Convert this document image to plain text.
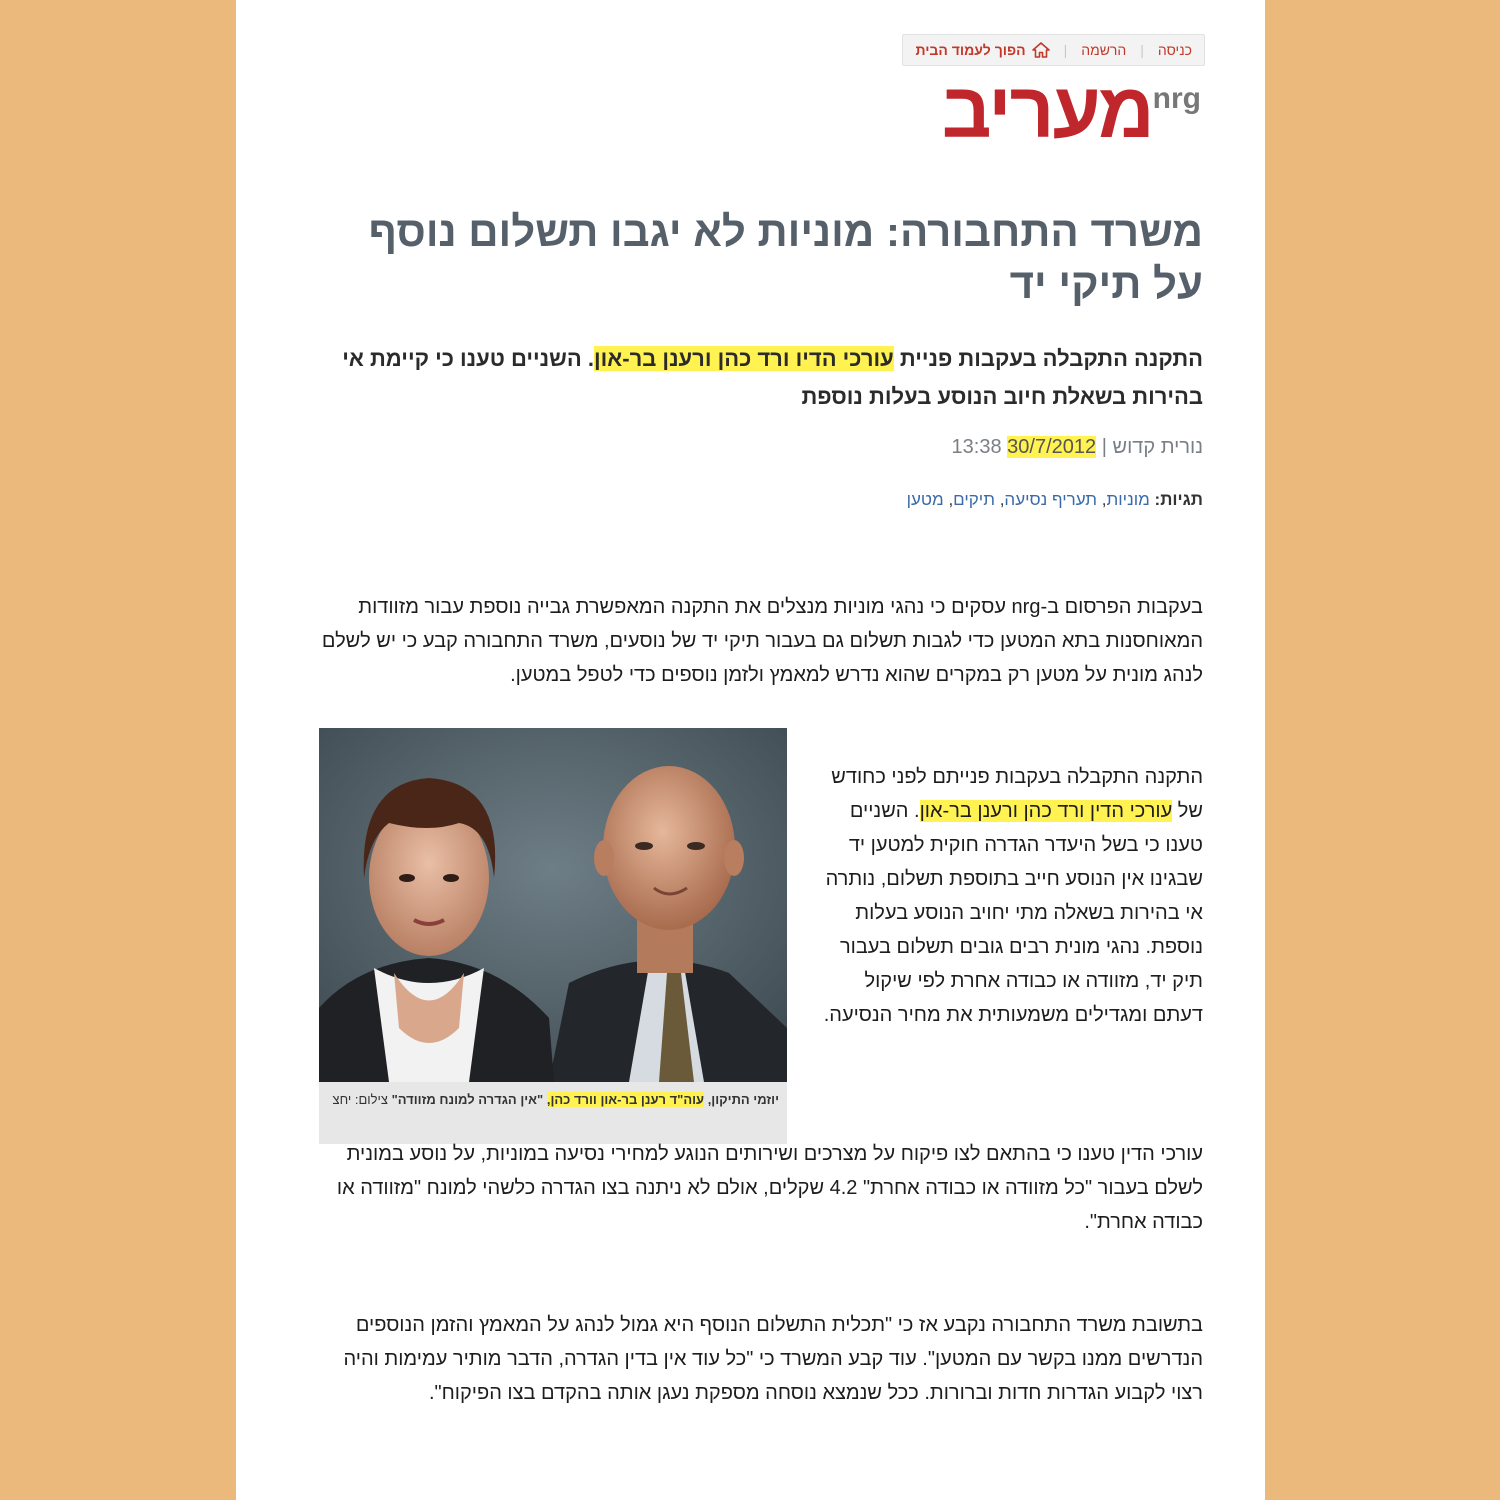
כניסה
|
הרשמה
|
הפוך לעמוד הבית
מעריב nrg
משרד התחבורה: מוניות לא יגבו תשלום נוסף על תיקי יד

התקנה התקבלה בעקבות פניית עורכי הדיו ורד כהן ורענן בר-און. השניים טענו כי קיימת אי בהירות בשאלת חיוב הנוסע בעלות נוספת

נורית קדוש | 30/7/2012 13:38
תגיות: מוניות, תעריף נסיעה, תיקים, מטען

בעקבות הפרסום ב-nrg עסקים כי נהגי מוניות מנצלים את התקנה המאפשרת גבייה נוספת עבור מזוודות המאוחסנות בתא המטען כדי לגבות תשלום גם בעבור תיקי יד של נוסעים, משרד התחבורה קבע כי יש לשלם לנהג מונית על מטען רק במקרים שהוא נדרש למאמץ ולזמן נוספים כדי לטפל במטען.

התקנה התקבלה בעקבות פנייתם לפני כחודש של עורכי הדין ורד כהן ורענן בר-און. השניים טענו כי בשל היעדר הגדרה חוקית למטען יד שבגינו אין הנוסע חייב בתוספת תשלום, נותרה אי בהירות בשאלה מתי יחויב הנוסע בעלות נוספת. נהגי מונית רבים גובים תשלום בעבור תיק יד, מזוודה או כבודה אחרת לפי שיקול דעתם ומגדילים משמעותית את מחיר הנסיעה.

יוזמי התיקון, עוה"ד רענן בר-און וורד כהן, "אין הגדרה למונח מזוודה" צילום: יחצ

עורכי הדין טענו כי בהתאם לצו פיקוח על מצרכים ושירותים הנוגע למחירי נסיעה במוניות, על נוסע במונית לשלם בעבור "כל מזוודה או כבודה אחרת" 4.2 שקלים, אולם לא ניתנה בצו הגדרה כלשהי למונח "מזוודה או כבודה אחרת".

בתשובת משרד התחבורה נקבע אז כי "תכלית התשלום הנוסף היא גמול לנהג על המאמץ והזמן הנוספים הנדרשים ממנו בקשר עם המטען". עוד קבע המשרד כי "כל עוד אין בדין הגדרה, הדבר מותיר עמימות והיה רצוי לקבוע הגדרות חדות וברורות. ככל שנמצא נוסחה מספקת נעגן אותה בהקדם בצו הפיקוח".
